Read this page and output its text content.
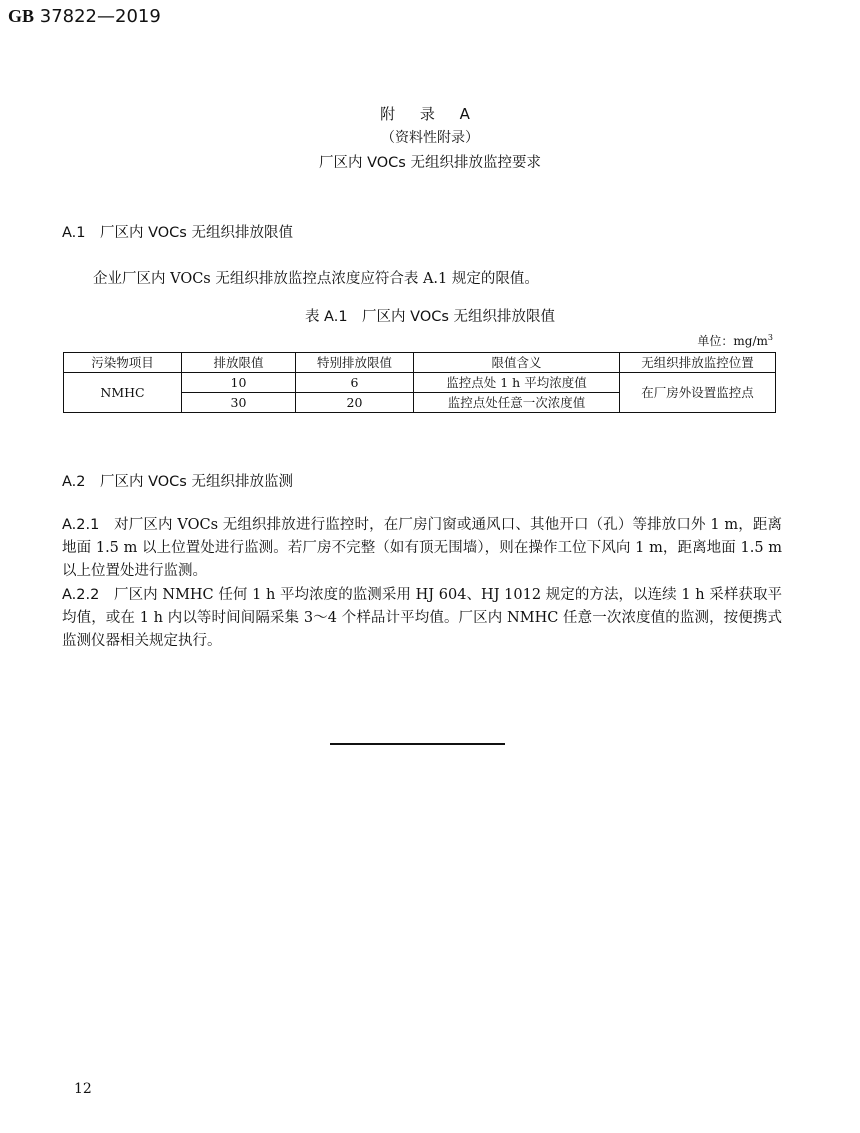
GB 37822—2019
附 录 A
（资料性附录）
厂区内 VOCs 无组织排放监控要求
A.1 厂区内 VOCs 无组织排放限值
企业厂区内 VOCs 无组织排放监控点浓度应符合表 A.1 规定的限值。
表 A.1　厂区内 VOCs 无组织排放限值
单位：$mg/m^3$
污染物项目	排放限值	特别排放限值	限值含义	无组织排放监控位置
NMHC	10	6	监控点处 1 h 平均浓度值	在厂房外设置监控点
	30	20	监控点处任意一次浓度值	
A.2 厂区内 VOCs 无组织排放监测
A.2.1 对厂区内 VOCs 无组织排放进行监控时，在厂房门窗或通风口、其他开口（孔）等排放口外 1 m，距离地面 1.5 m 以上位置处进行监测。若厂房不完整（如有顶无围墙），则在操作工位下风向 1 m，距离地面 1.5 m 以上位置处进行监测。
A.2.2 厂区内 NMHC 任何 1 h 平均浓度的监测采用 HJ 604、HJ 1012 规定的方法，以连续 1 h 采样获取平均值，或在 1 h 内以等时间间隔采集 3～4 个样品计平均值。厂区内 NMHC 任意一次浓度值的监测，按便携式监测仪器相关规定执行。
12
